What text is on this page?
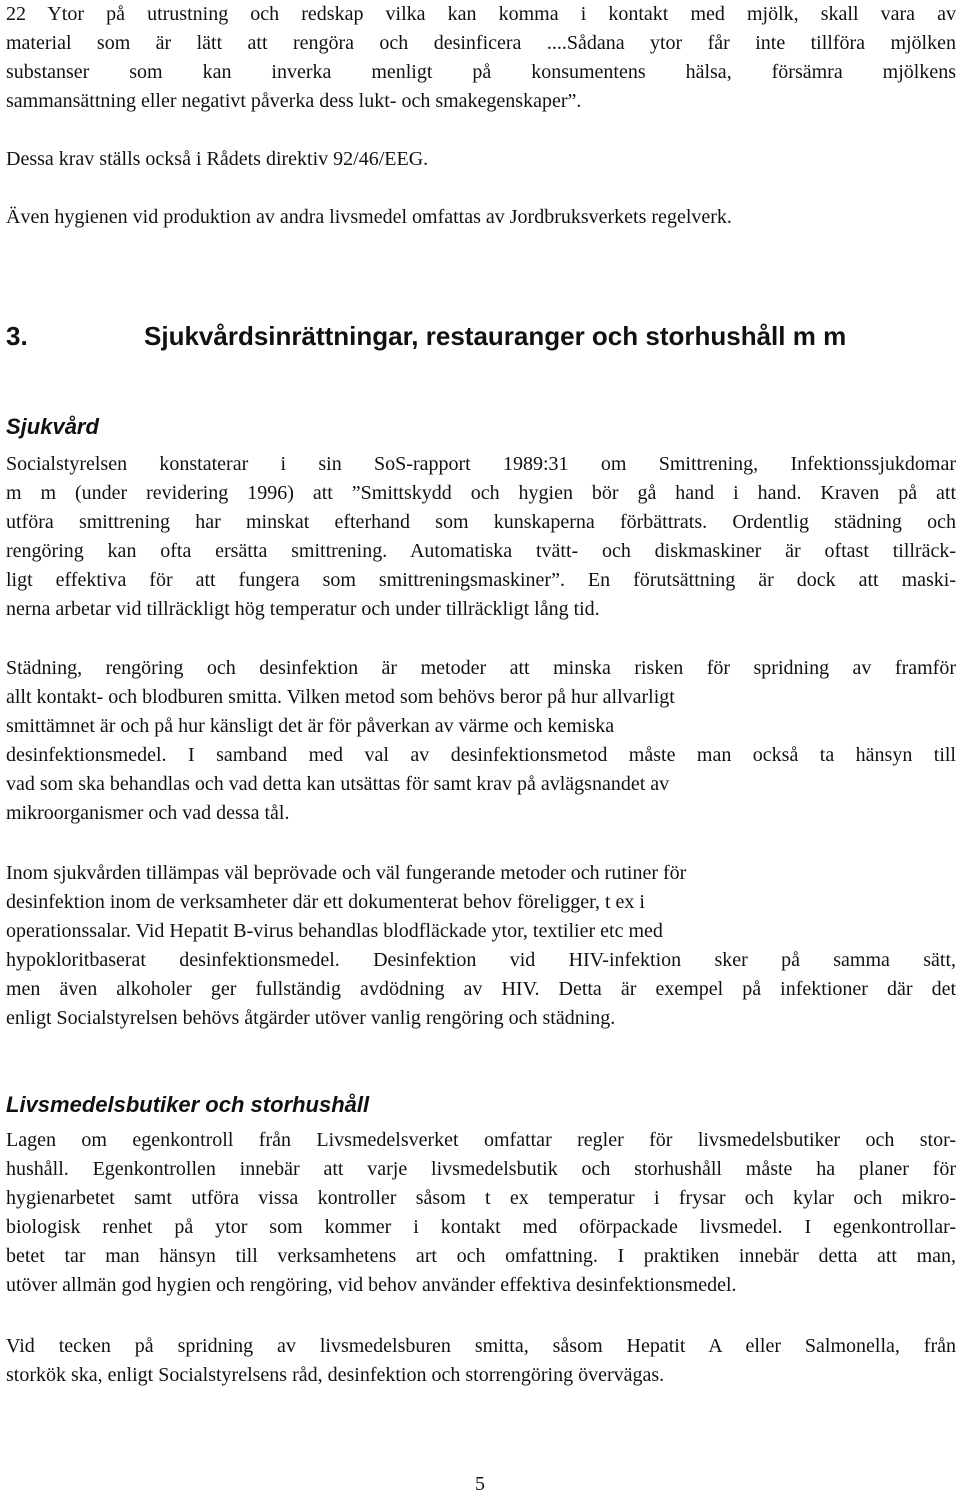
22 Ytor på utrustning och redskap vilka kan komma i kontakt med mjölk, skall vara av
material som är lätt att rengöra och desinficera ....Sådana ytor får inte tillföra mjölken
substanser som kan inverka menligt på konsumentens hälsa, försämra mjölkens
sammansättning eller negativt påverka dess lukt- och smakegenskaper”.
Dessa krav ställs också i Rådets direktiv 92/46/EEG.
Även hygienen vid produktion av andra livsmedel omfattas av Jordbruksverkets regelverk.
3.	Sjukvårdsinrättningar, restauranger och storhushåll m m
Sjukvård
Socialstyrelsen konstaterar i sin SoS-rapport 1989:31 om Smittrening, Infektionssjukdomar
m m (under revidering 1996) att ”Smittskydd och hygien bör gå hand i hand. Kraven på att
utföra smittrening har minskat efterhand som kunskaperna förbättrats. Ordentlig städning och
rengöring kan ofta ersätta smittrening. Automatiska tvätt- och diskmaskiner är oftast tillräck-
ligt effektiva för att fungera som smittreningsmaskiner”. En förutsättning är dock att maski-
nerna arbetar vid tillräckligt hög temperatur och under tillräckligt lång tid.
Städning, rengöring och desinfektion är metoder att minska risken för spridning av framför
allt kontakt- och blodburen smitta. Vilken metod som behövs beror på hur allvarligt
smittämnet är och på hur känsligt det är för påverkan av värme och kemiska
desinfektionsmedel. I samband med val av desinfektionsmetod måste man också ta hänsyn till
vad som ska behandlas och vad detta kan utsättas för samt krav på avlägsnandet av
mikroorganismer och vad dessa tål.
Inom sjukvården tillämpas väl beprövade och väl fungerande metoder och rutiner för
desinfektion inom de verksamheter där ett dokumenterat behov föreligger, t ex i
operationssalar. Vid Hepatit B-virus behandlas blodfläckade ytor, textilier etc med
hypokloritbaserat desinfektionsmedel. Desinfektion vid HIV-infektion sker på samma sätt,
men även alkoholer ger fullständig avdödning av HIV. Detta är exempel på infektioner där det
enligt Socialstyrelsen behövs åtgärder utöver vanlig rengöring och städning.
Livsmedelsbutiker och storhushåll
Lagen om egenkontroll från Livsmedelsverket omfattar regler för livsmedelsbutiker och stor-
hushåll. Egenkontrollen innebär att varje livsmedelsbutik och storhushåll måste ha planer för
hygienarbetet samt utföra vissa kontroller såsom t ex temperatur i frysar och kylar och mikro-
biologisk renhet på ytor som kommer i kontakt med oförpackade livsmedel. I egenkontrollar-
betet tar man hänsyn till verksamhetens art och omfattning. I praktiken innebär detta att man,
utöver allmän god hygien och rengöring, vid behov använder effektiva desinfektionsmedel.
Vid tecken på spridning av livsmedelsburen smitta, såsom Hepatit A eller Salmonella, från
storkök ska, enligt Socialstyrelsens råd, desinfektion och storrengöring övervägas.
5
